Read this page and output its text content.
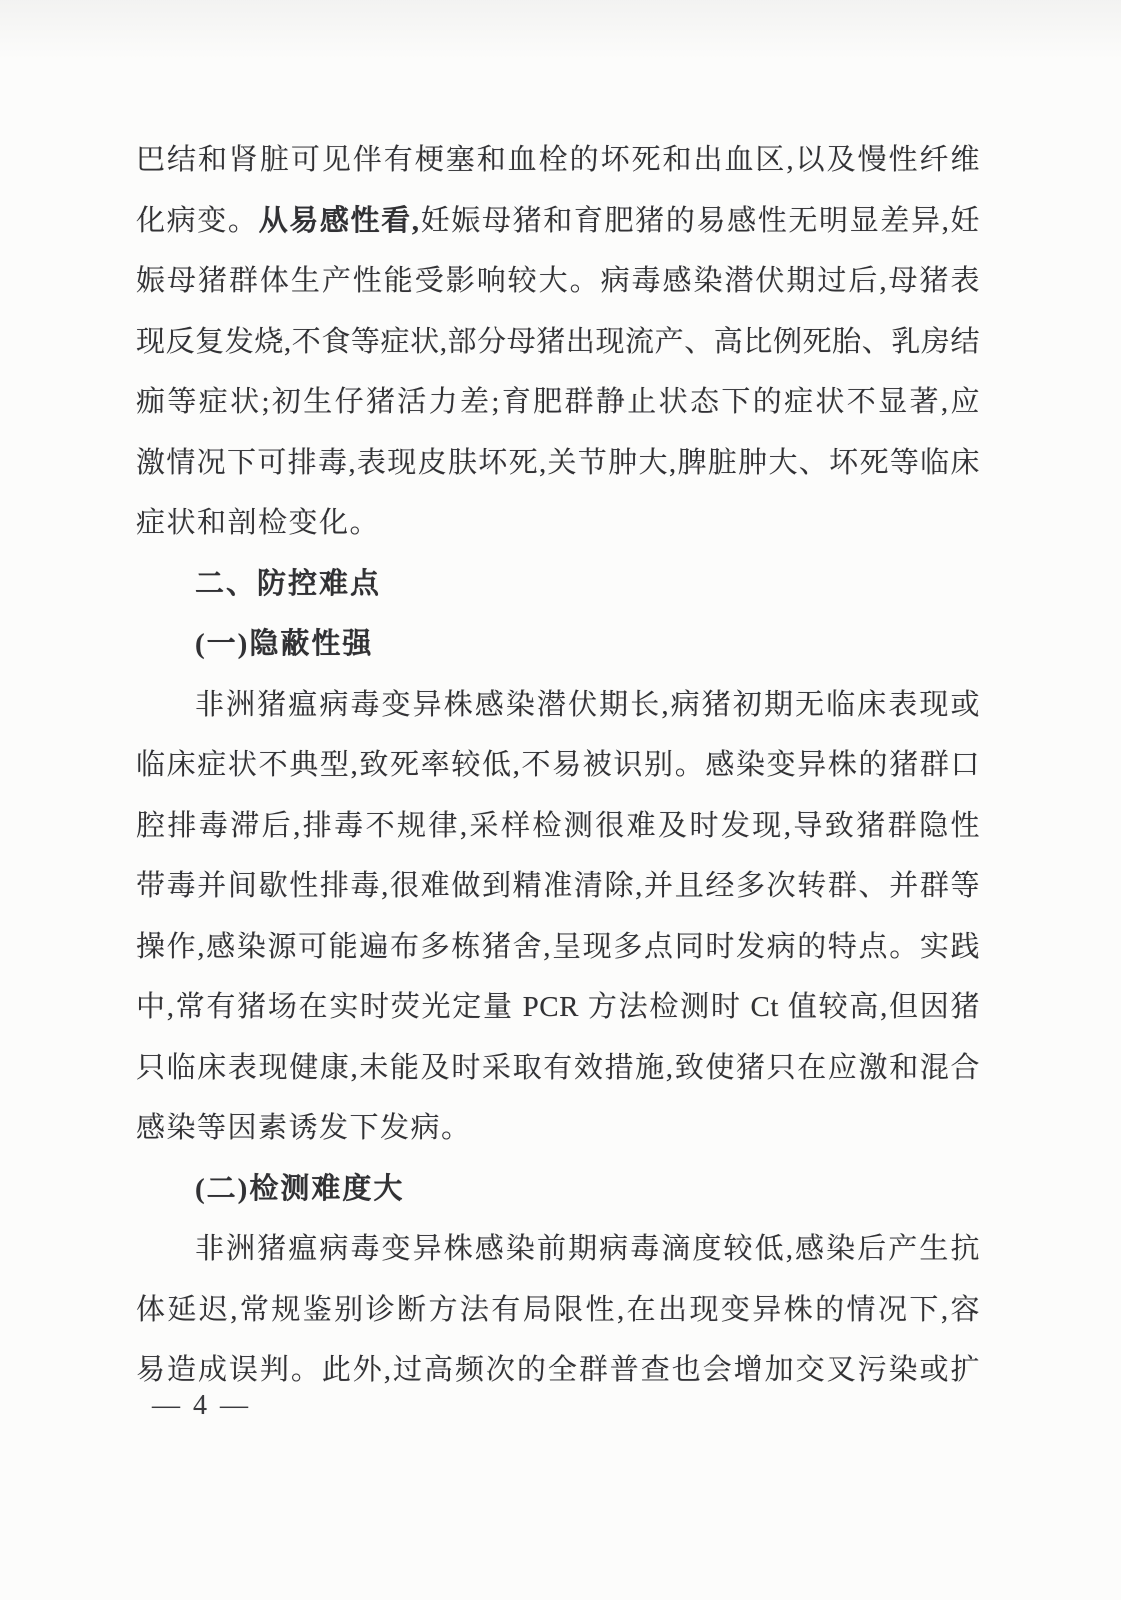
巴结和肾脏可见伴有梗塞和血栓的坏死和出血区,以及慢性纤维
化病变。从易感性看,妊娠母猪和育肥猪的易感性无明显差异,妊
娠母猪群体生产性能受影响较大。病毒感染潜伏期过后,母猪表
现反复发烧,不食等症状,部分母猪出现流产、高比例死胎、乳房结
痂等症状;初生仔猪活力差;育肥群静止状态下的症状不显著,应
激情况下可排毒,表现皮肤坏死,关节肿大,脾脏肿大、坏死等临床
症状和剖检变化。
二、防控难点
(一)隐蔽性强
非洲猪瘟病毒变异株感染潜伏期长,病猪初期无临床表现或
临床症状不典型,致死率较低,不易被识别。感染变异株的猪群口
腔排毒滞后,排毒不规律,采样检测很难及时发现,导致猪群隐性
带毒并间歇性排毒,很难做到精准清除,并且经多次转群、并群等
操作,感染源可能遍布多栋猪舍,呈现多点同时发病的特点。实践
中,常有猪场在实时荧光定量 PCR 方法检测时 Ct 值较高,但因猪
只临床表现健康,未能及时采取有效措施,致使猪只在应激和混合
感染等因素诱发下发病。
(二)检测难度大
非洲猪瘟病毒变异株感染前期病毒滴度较低,感染后产生抗
体延迟,常规鉴别诊断方法有局限性,在出现变异株的情况下,容
易造成误判。此外,过高频次的全群普查也会增加交叉污染或扩
— 4 —
